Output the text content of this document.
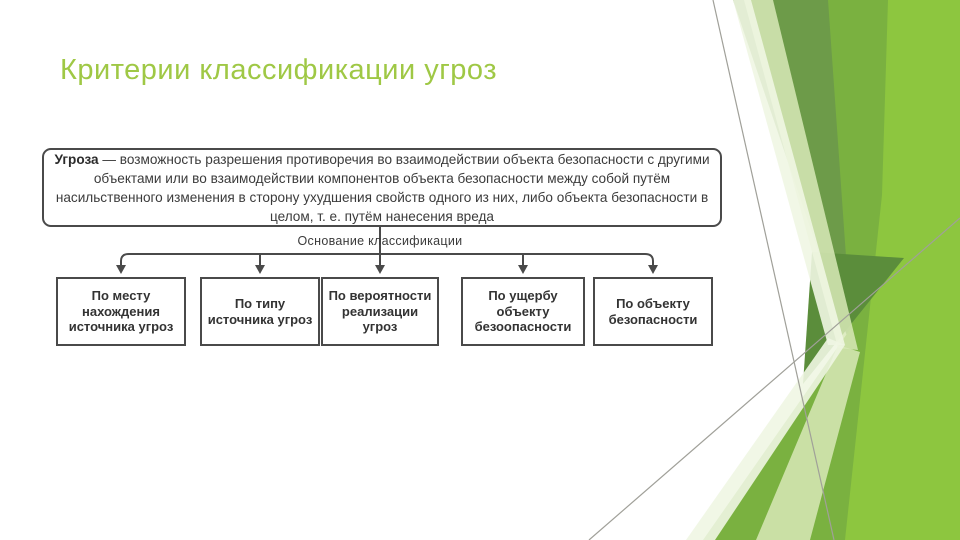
Критерии классификации угроз
Угроза — возможность разрешения противоречия во взаимодействии объекта безопасности с другими объектами или во взаимодействии компонентов объекта безопасности между собой путём насильственного изменения в сторону ухудшения свойств одного из них, либо объекта безопасности в целом, т. е. путём нанесения вреда
Основание классификации
По месту нахождения источника угроз
По типу источника угроз
По вероятности реализации угроз
По ущербу объекту безоопасности
По объекту безопасности
